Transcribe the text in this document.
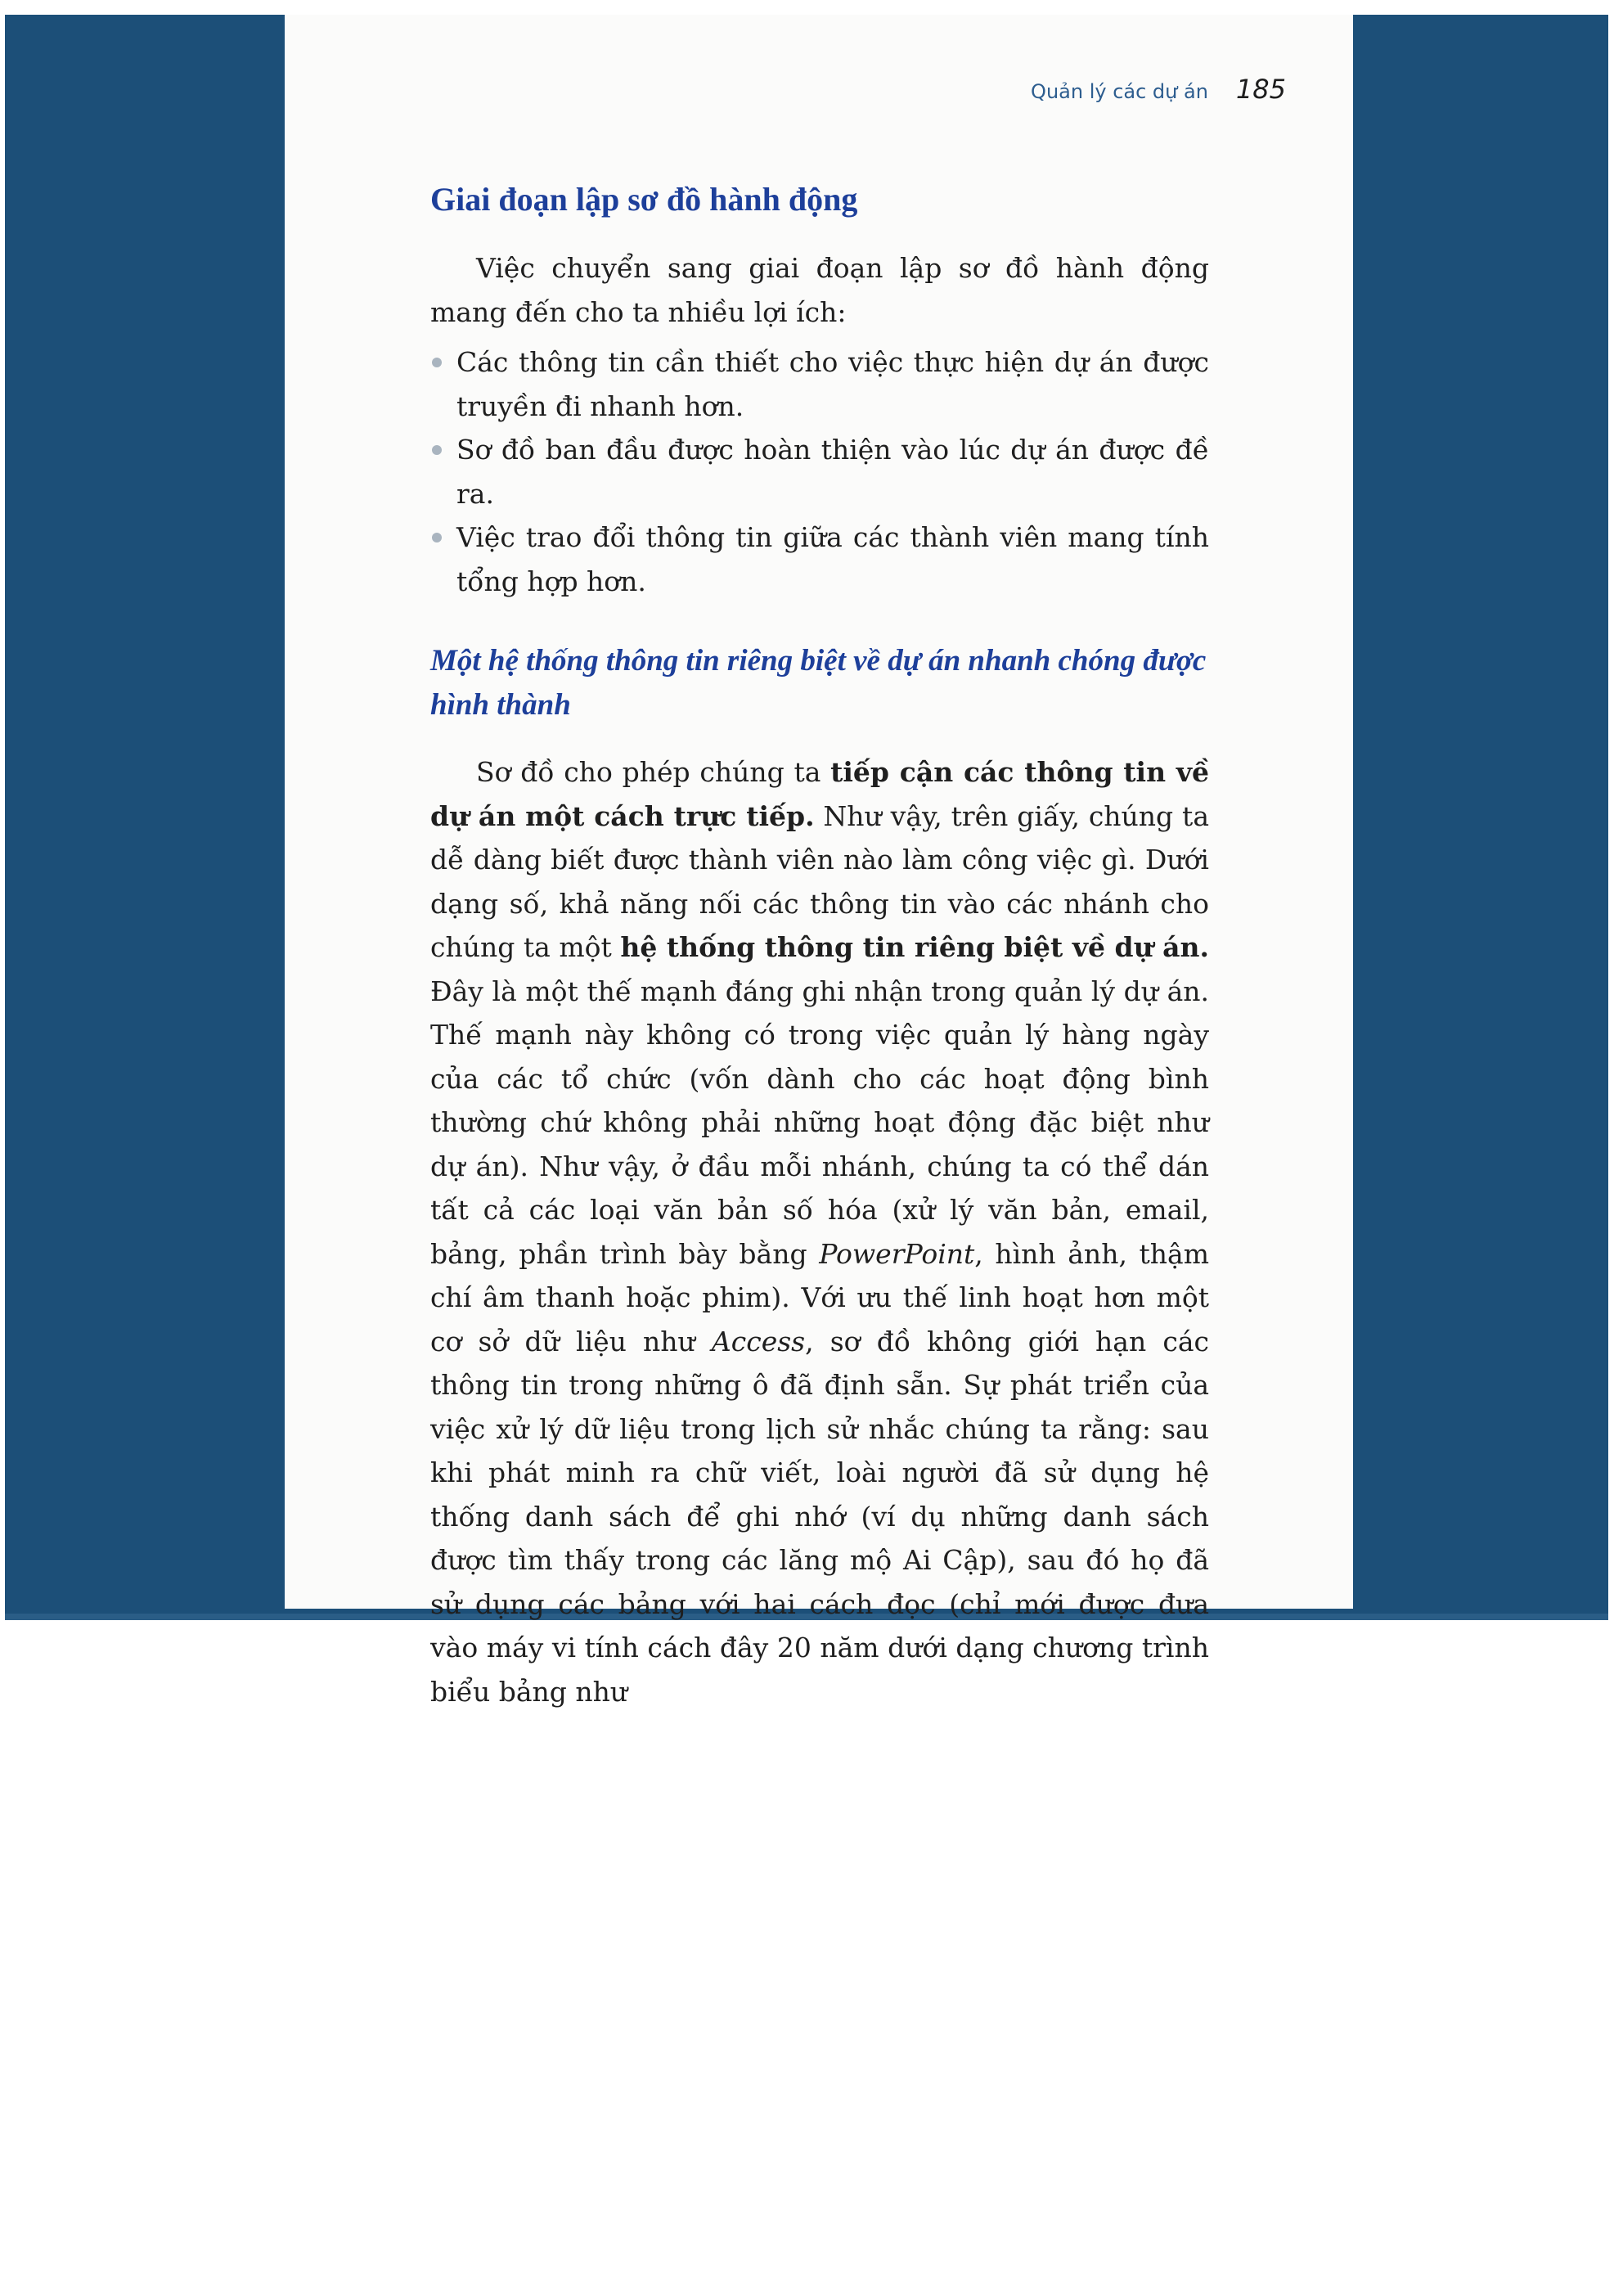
Quản lý các dự án 185
Giai đoạn lập sơ đồ hành động

Việc chuyển sang giai đoạn lập sơ đồ hành động mang đến cho ta nhiều lợi ích:

Các thông tin cần thiết cho việc thực hiện dự án được truyền đi nhanh hơn.
Sơ đồ ban đầu được hoàn thiện vào lúc dự án được đề ra.
Việc trao đổi thông tin giữa các thành viên mang tính tổng hợp hơn.
Một hệ thống thông tin riêng biệt về dự án nhanh chóng được hình thành

Sơ đồ cho phép chúng ta tiếp cận các thông tin về dự án một cách trực tiếp. Như vậy, trên giấy, chúng ta dễ dàng biết được thành viên nào làm công việc gì. Dưới dạng số, khả năng nối các thông tin vào các nhánh cho chúng ta một hệ thống thông tin riêng biệt về dự án. Đây là một thế mạnh đáng ghi nhận trong quản lý dự án. Thế mạnh này không có trong việc quản lý hàng ngày của các tổ chức (vốn dành cho các hoạt động bình thường chứ không phải những hoạt động đặc biệt như dự án). Như vậy, ở đầu mỗi nhánh, chúng ta có thể dán tất cả các loại văn bản số hóa (xử lý văn bản, email, bảng, phần trình bày bằng PowerPoint, hình ảnh, thậm chí âm thanh hoặc phim). Với ưu thế linh hoạt hơn một cơ sở dữ liệu như Access, sơ đồ không giới hạn các thông tin trong những ô đã định sẵn. Sự phát triển của việc xử lý dữ liệu trong lịch sử nhắc chúng ta rằng: sau khi phát minh ra chữ viết, loài người đã sử dụng hệ thống danh sách để ghi nhớ (ví dụ những danh sách được tìm thấy trong các lăng mộ Ai Cập), sau đó họ đã sử dụng các bảng với hai cách đọc (chỉ mới được đưa vào máy vi tính cách đây 20 năm dưới dạng chương trình biểu bảng như
